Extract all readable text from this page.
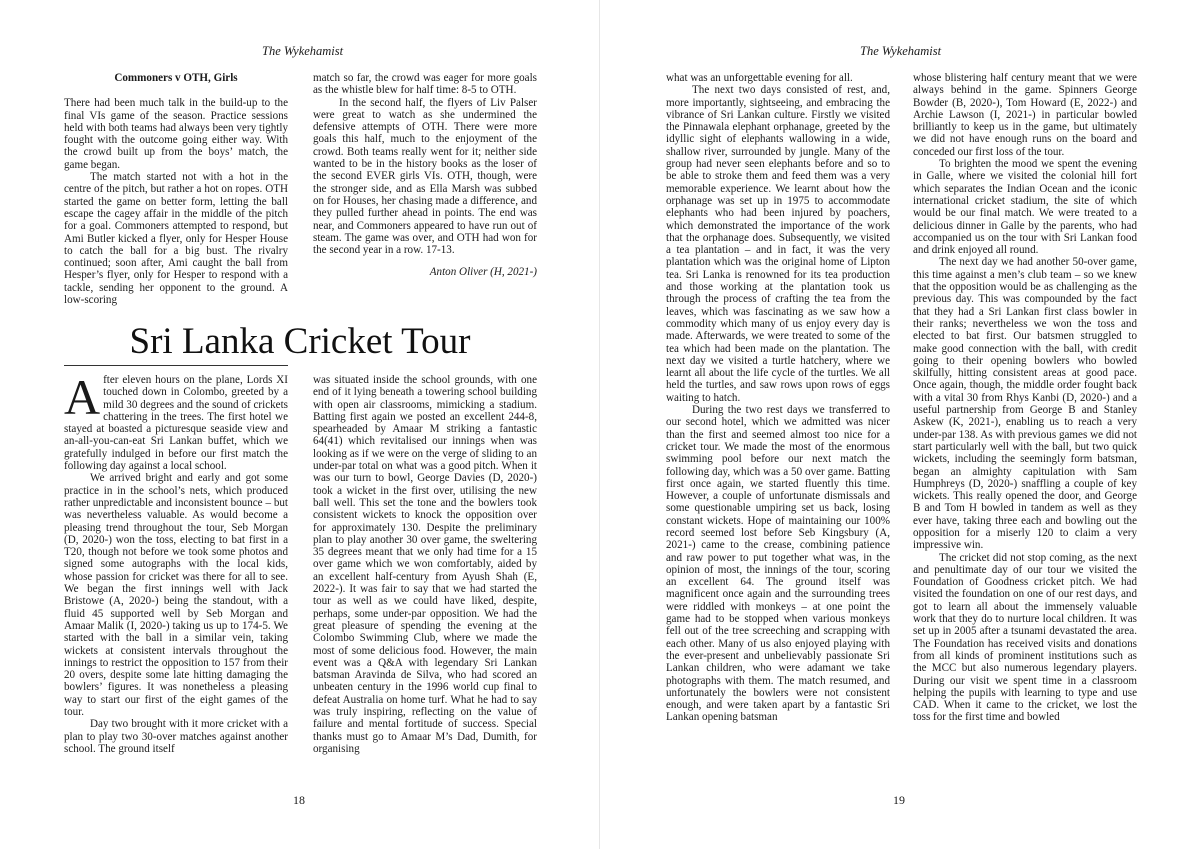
The Wykehamist

Commoners v OTH, Girls

There had been much talk in the build-up to the final VIs game of the season. Practice sessions held with both teams had always been very tightly fought with the outcome going either way. With the crowd built up from the boys’ match, the game began.

The match started not with a hot in the centre of the pitch, but rather a hot on ropes. OTH started the game on better form, letting the ball escape the cagey affair in the middle of the pitch for a goal. Commoners attempted to respond, but Ami Butler kicked a flyer, only for Hesper House to catch the ball for a big bust. The rivalry continued; soon after, Ami caught the ball from Hesper’s flyer, only for Hesper to respond with a tackle, sending her opponent to the ground. A low-scoring

match so far, the crowd was eager for more goals as the whistle blew for half time: 8-5 to OTH.

In the second half, the flyers of Liv Palser were great to watch as she undermined the defensive attempts of OTH. There were more goals this half, much to the enjoyment of the crowd. Both teams really went for it; neither side wanted to be in the history books as the loser of the second EVER girls VIs. OTH, though, were the stronger side, and as Ella Marsh was subbed on for Houses, her chasing made a difference, and they pulled further ahead in points. The end was near, and Commoners appeared to have run out of steam. The game was over, and OTH had won for the second year in a row. 17-13.

Anton Oliver (H, 2021-)

Sri Lanka Cricket Tour

After eleven hours on the plane, Lords XI touched down in Colombo, greeted by a mild 30 degrees and the sound of crickets chattering in the trees. The first hotel we stayed at boasted a picturesque seaside view and an-all-you-can-eat Sri Lankan buffet, which we gratefully indulged in before our first match the following day against a local school.

We arrived bright and early and got some practice in in the school’s nets, which produced rather unpredictable and inconsistent bounce – but was nevertheless valuable. As would become a pleasing trend throughout the tour, Seb Morgan (D, 2020-) won the toss, electing to bat first in a T20, though not before we took some photos and signed some autographs with the local kids, whose passion for cricket was there for all to see. We began the first innings well with Jack Bristowe (A, 2020-) being the standout, with a fluid 45 supported well by Seb Morgan and Amaar Malik (I, 2020-) taking us up to 174-5. We started with the ball in a similar vein, taking wickets at consistent intervals throughout the innings to restrict the opposition to 157 from their 20 overs, despite some late hitting damaging the bowlers’ figures. It was nonetheless a pleasing way to start our first of the eight games of the tour.

Day two brought with it more cricket with a plan to play two 30-over matches against another school. The ground itself

was situated inside the school grounds, with one end of it lying beneath a towering school building with open air classrooms, mimicking a stadium. Batting first again we posted an excellent 244-8, spearheaded by Amaar M striking a fantastic 64(41) which revitalised our innings when was looking as if we were on the verge of sliding to an under-par total on what was a good pitch. When it was our turn to bowl, George Davies (D, 2020-) took a wicket in the first over, utilising the new ball well. This set the tone and the bowlers took consistent wickets to knock the opposition over for approximately 130. Despite the preliminary plan to play another 30 over game, the sweltering 35 degrees meant that we only had time for a 15 over game which we won comfortably, aided by an excellent half-century from Ayush Shah (E, 2022-). It was fair to say that we had started the tour as well as we could have liked, despite, perhaps, some under-par opposition. We had the great pleasure of spending the evening at the Colombo Swimming Club, where we made the most of some delicious food. However, the main event was a Q&A with legendary Sri Lankan batsman Aravinda de Silva, who had scored an unbeaten century in the 1996 world cup final to defeat Australia on home turf. What he had to say was truly inspiring, reflecting on the value of failure and mental fortitude of success. Special thanks must go to Amaar M’s Dad, Dumith, for organising

18
The Wykehamist

what was an unforgettable evening for all.

The next two days consisted of rest, and, more importantly, sightseeing, and embracing the vibrance of Sri Lankan culture. Firstly we visited the Pinnawala elephant orphanage, greeted by the idyllic sight of elephants wallowing in a wide, shallow river, surrounded by jungle. Many of the group had never seen elephants before and so to be able to stroke them and feed them was a very memorable experience. We learnt about how the orphanage was set up in 1975 to accommodate elephants who had been injured by poachers, which demonstrated the importance of the work that the orphanage does. Subsequently, we visited a tea plantation – and in fact, it was the very plantation which was the original home of Lipton tea. Sri Lanka is renowned for its tea production and those working at the plantation took us through the process of crafting the tea from the leaves, which was fascinating as we saw how a commodity which many of us enjoy every day is made. Afterwards, we were treated to some of the tea which had been made on the plantation. The next day we visited a turtle hatchery, where we learnt all about the life cycle of the turtles. We all held the turtles, and saw rows upon rows of eggs waiting to hatch.

During the two rest days we transferred to our second hotel, which we admitted was nicer than the first and seemed almost too nice for a cricket tour. We made the most of the enormous swimming pool before our next match the following day, which was a 50 over game. Batting first once again, we started fluently this time. However, a couple of unfortunate dismissals and some questionable umpiring set us back, losing constant wickets. Hope of maintaining our 100% record seemed lost before Seb Kingsbury (A, 2021-) came to the crease, combining patience and raw power to put together what was, in the opinion of most, the innings of the tour, scoring an excellent 64. The ground itself was magnificent once again and the surrounding trees were riddled with monkeys – at one point the game had to be stopped when various monkeys fell out of the tree screeching and scrapping with each other. Many of us also enjoyed playing with the ever-present and unbelievably passionate Sri Lankan children, who were adamant we take photographs with them. The match resumed, and unfortunately the bowlers were not consistent enough, and were taken apart by a fantastic Sri Lankan opening batsman

whose blistering half century meant that we were always behind in the game. Spinners George Bowder (B, 2020-), Tom Howard (E, 2022-) and Archie Lawson (I, 2021-) in particular bowled brilliantly to keep us in the game, but ultimately we did not have enough runs on the board and conceded our first loss of the tour.

To brighten the mood we spent the evening in Galle, where we visited the colonial hill fort which separates the Indian Ocean and the iconic international cricket stadium, the site of which would be our final match. We were treated to a delicious dinner in Galle by the parents, who had accompanied us on the tour with Sri Lankan food and drink enjoyed all round.

The next day we had another 50-over game, this time against a men’s club team – so we knew that the opposition would be as challenging as the previous day. This was compounded by the fact that they had a Sri Lankan first class bowler in their ranks; nevertheless we won the toss and elected to bat first. Our batsmen struggled to make good connection with the ball, with credit going to their opening bowlers who bowled skilfully, hitting consistent areas at good pace. Once again, though, the middle order fought back with a vital 30 from Rhys Kanbi (D, 2020-) and a useful partnership from George B and Stanley Askew (K, 2021-), enabling us to reach a very under-par 138. As with previous games we did not start particularly well with the ball, but two quick wickets, including the seemingly form batsman, began an almighty capitulation with Sam Humphreys (D, 2020-) snaffling a couple of key wickets. This really opened the door, and George B and Tom H bowled in tandem as well as they ever have, taking three each and bowling out the opposition for a miserly 120 to claim a very impressive win.

The cricket did not stop coming, as the next and penultimate day of our tour we visited the Foundation of Goodness cricket pitch. We had visited the foundation on one of our rest days, and got to learn all about the immensely valuable work that they do to nurture local children. It was set up in 2005 after a tsunami devastated the area. The Foundation has received visits and donations from all kinds of prominent institutions such as the MCC but also numerous legendary players. During our visit we spent time in a classroom helping the pupils with learning to type and use CAD. When it came to the cricket, we lost the toss for the first time and bowled

19
